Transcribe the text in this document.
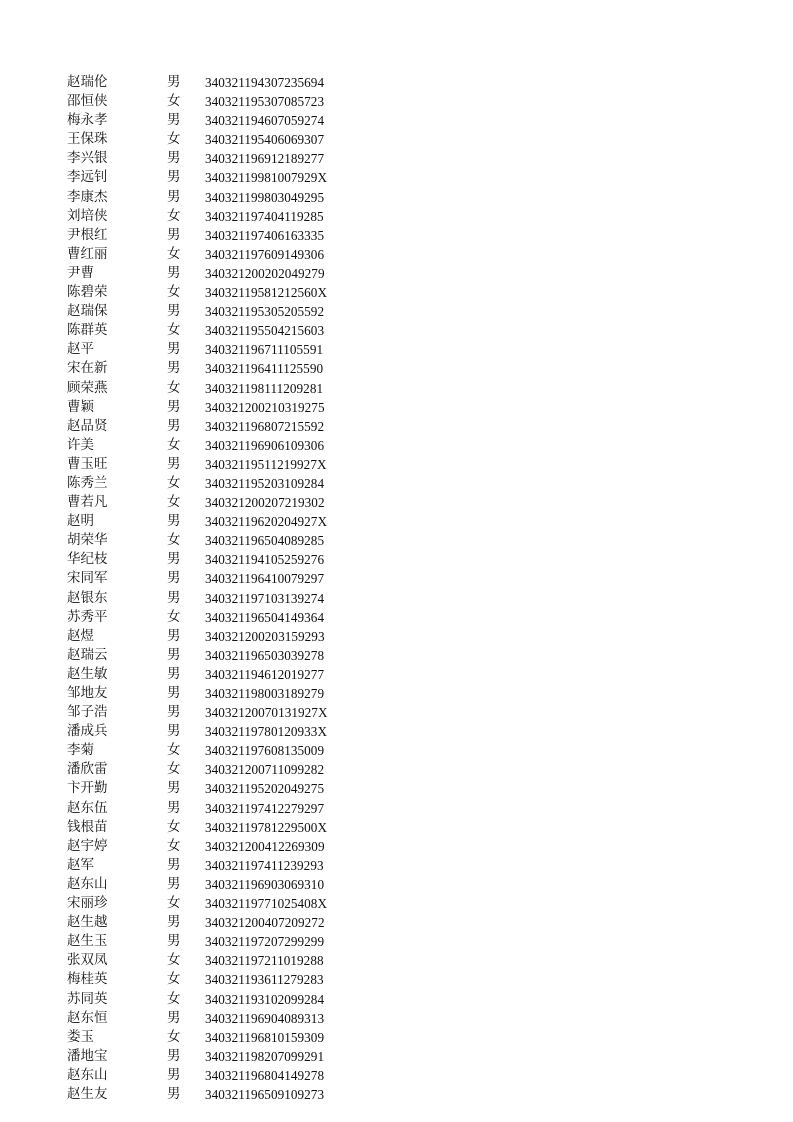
赵瑞伦	男 340321194307235694
邵恒侠	女 340321195307085723
梅永孝	男 340321194607059274
王保珠	女 340321195406069307
李兴银	男 340321196912189277
李远钊	男 34032119981007929X
李康杰	男 340321199803049295
刘培侠	女 340321197404119285
尹根红	男 340321197406163335
曹红丽	女 340321197609149306
尹曹	男 340321200202049279
陈碧荣	女 34032119581212560X
赵瑞保	男 340321195305205592
陈群英	女 340321195504215603
赵平	男 340321196711105591
宋在新	男 340321196411125590
顾荣燕	女 340321198111209281
曹颖	男 340321200210319275
赵品贤	男 340321196807215592
许美	女 340321196906109306
曹玉旺	男 34032119511219927X
陈秀兰	女 340321195203109284
曹若凡	女 340321200207219302
赵明	男 34032119620204927X
胡荣华	女 340321196504089285
华纪枝	男 340321194105259276
宋同军	男 340321196410079297
赵银东	男 340321197103139274
苏秀平	女 340321196504149364
赵煜	男 340321200203159293
赵瑞云	男 340321196503039278
赵生敏	男 340321194612019277
邹地友	男 340321198003189279
邹子浩	男 34032120070131927X
潘成兵	男 34032119780120933X
李菊	女 340321197608135009
潘欣雷	女 340321200711099282
卞开勤	男 340321195202049275
赵东伍	男 340321197412279297
钱根苗	女 34032119781229500X
赵宇婷	女 340321200412269309
赵军	男 340321197411239293
赵东山	男 340321196903069310
宋丽珍	女 34032119771025408X
赵生越	男 340321200407209272
赵生玉	男 340321197207299299
张双凤	女 340321197211019288
梅桂英	女 340321193611279283
苏同英	女 340321193102099284
赵东恒	男 340321196904089313
娄玉	女 340321196810159309
潘地宝	男 340321198207099291
赵东山	男 340321196804149278
赵生友	男 340321196509109273
